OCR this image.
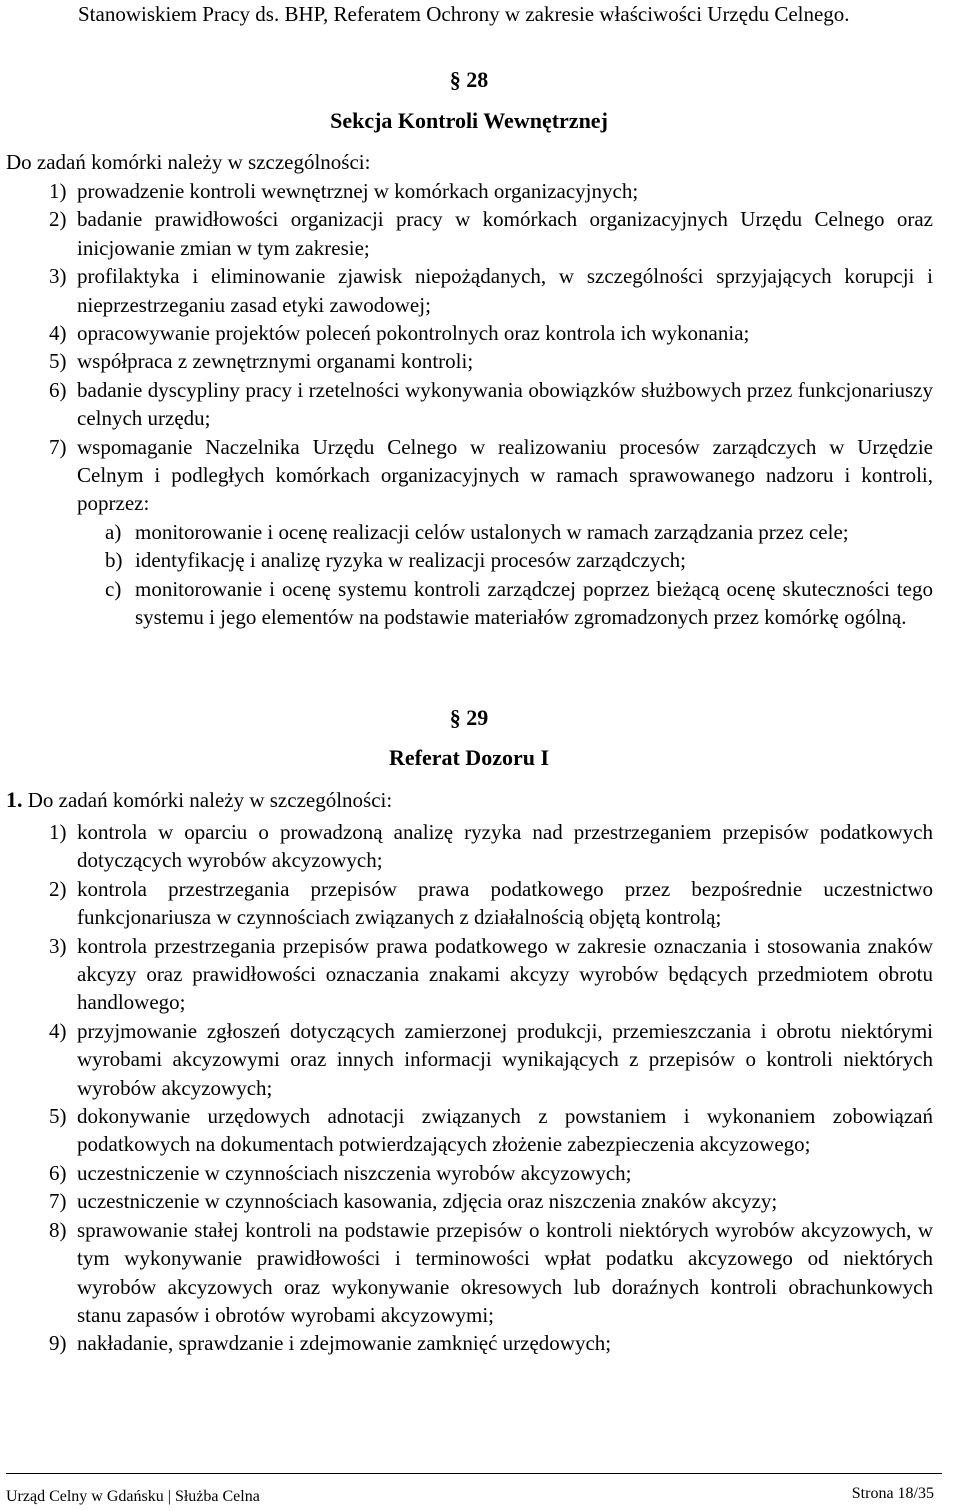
Stanowiskiem Pracy ds. BHP, Referatem Ochrony w zakresie właściwości Urzędu Celnego.
§ 28
Sekcja Kontroli Wewnętrznej
Do zadań komórki należy w szczególności:
1) prowadzenie kontroli wewnętrznej w komórkach organizacyjnych;
2) badanie prawidłowości organizacji pracy w komórkach organizacyjnych Urzędu Celnego oraz inicjowanie zmian w tym zakresie;
3) profilaktyka i eliminowanie zjawisk niepożądanych, w szczególności sprzyjających korupcji i nieprzestrzeganiu zasad etyki zawodowej;
4) opracowywanie projektów poleceń pokontrolnych oraz kontrola ich wykonania;
5) współpraca z zewnętrznymi organami kontroli;
6) badanie dyscypliny pracy i rzetelności wykonywania obowiązków służbowych przez funkcjonariuszy celnych urzędu;
7) wspomaganie Naczelnika Urzędu Celnego w realizowaniu procesów zarządczych w Urzędzie Celnym i podległych komórkach organizacyjnych w ramach sprawowanego nadzoru i kontroli, poprzez:
a) monitorowanie i ocenę realizacji celów ustalonych w ramach zarządzania przez cele;
b) identyfikację i analizę ryzyka w realizacji procesów zarządczych;
c) monitorowanie i ocenę systemu kontroli zarządczej poprzez bieżącą ocenę skuteczności tego systemu i jego elementów na podstawie materiałów zgromadzonych przez komórkę ogólną.
§ 29
Referat Dozoru I
1. Do zadań komórki należy w szczególności:
1) kontrola w oparciu o prowadzoną analizę ryzyka nad przestrzeganiem przepisów podatkowych dotyczących wyrobów akcyzowych;
2) kontrola przestrzegania przepisów prawa podatkowego przez bezpośrednie uczestnictwo funkcjonariusza w czynnościach związanych z działalnością objętą kontrolą;
3) kontrola przestrzegania przepisów prawa podatkowego w zakresie oznaczania i stosowania znaków akcyzy oraz prawidłowości oznaczania znakami akcyzy wyrobów będących przedmiotem obrotu handlowego;
4) przyjmowanie zgłoszeń dotyczących zamierzonej produkcji, przemieszczania i obrotu niektórymi wyrobami akcyzowymi oraz innych informacji wynikających z przepisów o kontroli niektórych wyrobów akcyzowych;
5) dokonywanie urzędowych adnotacji związanych z powstaniem i wykonaniem zobowiązań podatkowych na dokumentach potwierdzających złożenie zabezpieczenia akcyzowego;
6) uczestniczenie w czynnościach niszczenia wyrobów akcyzowych;
7) uczestniczenie w czynnościach kasowania, zdjęcia oraz niszczenia znaków akcyzy;
8) sprawowanie stałej kontroli na podstawie przepisów o kontroli niektórych wyrobów akcyzowych, w tym wykonywanie prawidłowości i terminowości wpłat podatku akcyzowego od niektórych wyrobów akcyzowych oraz wykonywanie okresowych lub doraźnych kontroli obrachunkowych stanu zapasów i obrotów wyrobami akcyzowymi;
9) nakładanie, sprawdzanie i zdejmowanie zamknięć urzędowych;
Urząd Celny w Gdańsku | Służba Celna	Strona 18/35
